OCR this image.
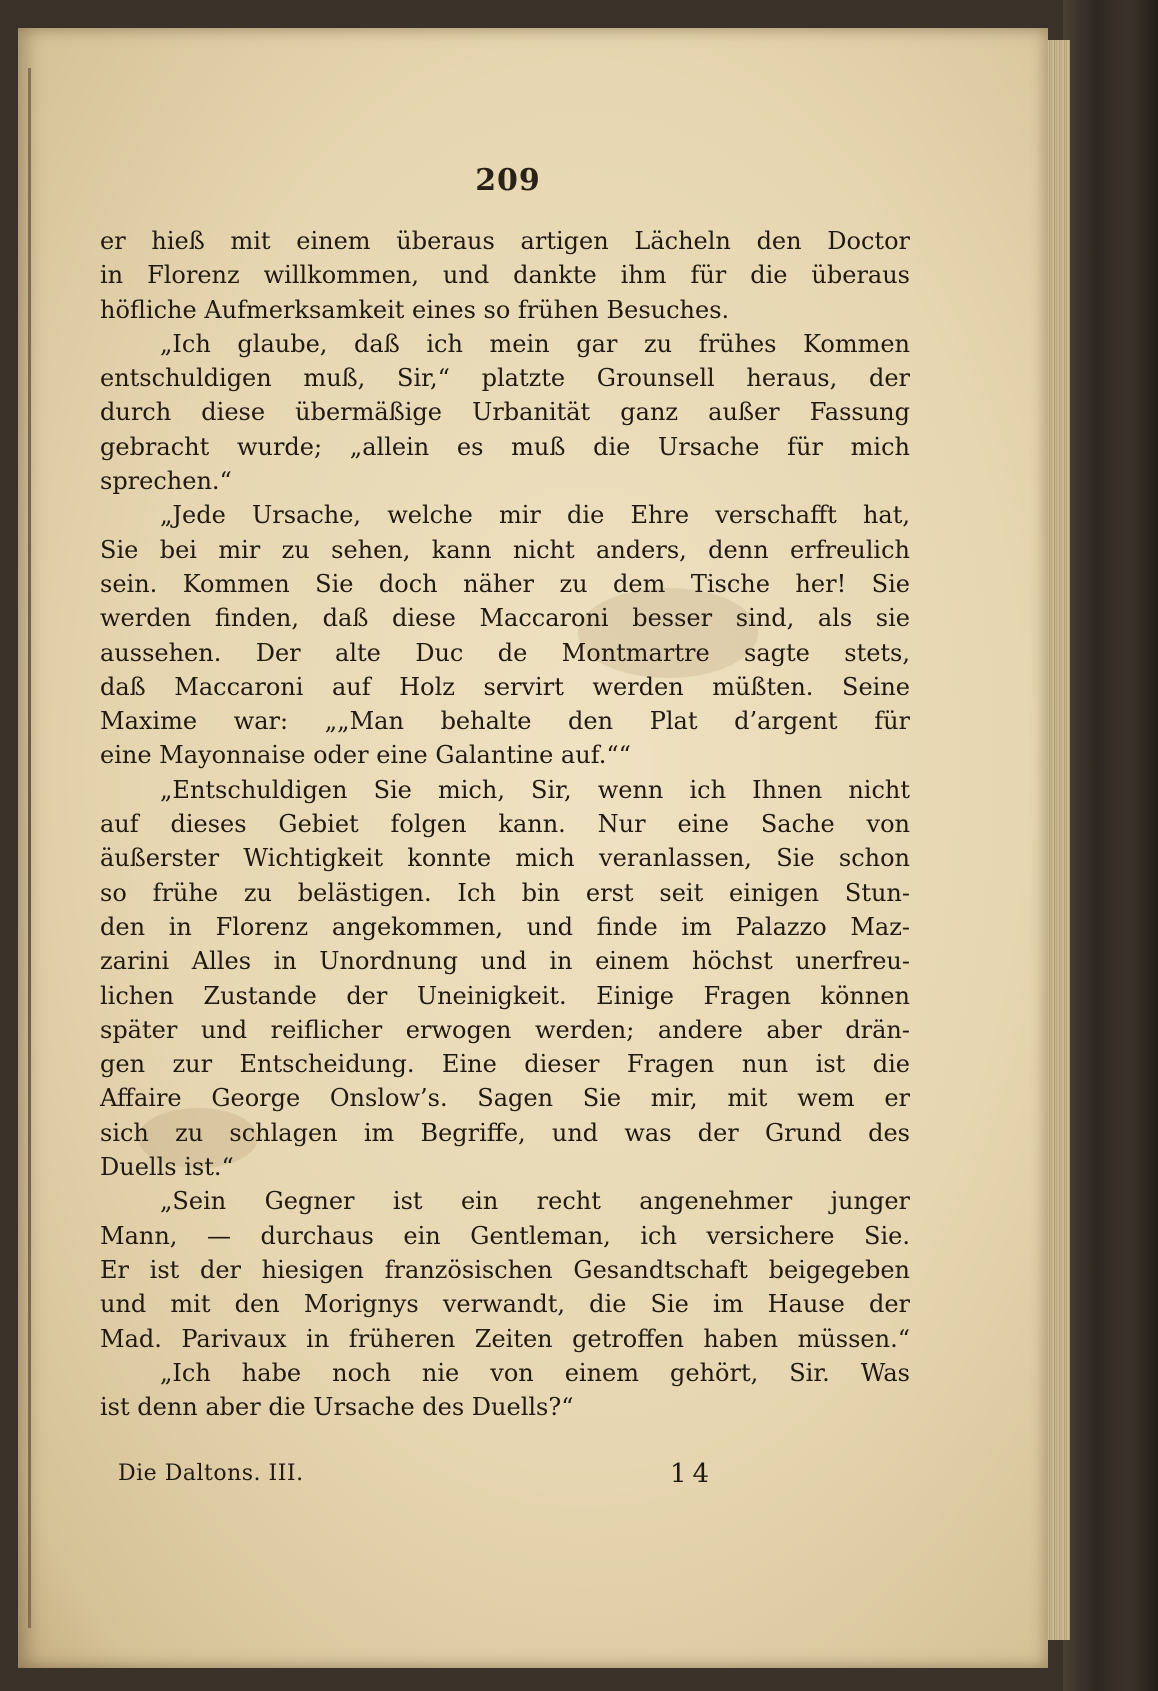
209
er hieß mit einem überaus artigen Lächeln den Doctor
in Florenz willkommen, und dankte ihm für die überaus
höfliche Aufmerksamkeit eines so frühen Besuches.
„Ich glaube, daß ich mein gar zu frühes Kommen
entschuldigen muß, Sir,“ platzte Grounsell heraus, der
durch diese übermäßige Urbanität ganz außer Fassung
gebracht wurde; „allein es muß die Ursache für mich
sprechen.“
„Jede Ursache, welche mir die Ehre verschafft hat,
Sie bei mir zu sehen, kann nicht anders, denn erfreulich
sein. Kommen Sie doch näher zu dem Tische her! Sie
werden finden, daß diese Maccaroni besser sind, als sie
aussehen. Der alte Duc de Montmartre sagte stets,
daß Maccaroni auf Holz servirt werden müßten. Seine
Maxime war: „„Man behalte den Plat d’argent für
eine Mayonnaise oder eine Galantine auf.““
„Entschuldigen Sie mich, Sir, wenn ich Ihnen nicht
auf dieses Gebiet folgen kann. Nur eine Sache von
äußerster Wichtigkeit konnte mich veranlassen, Sie schon
so frühe zu belästigen. Ich bin erst seit einigen Stun-
den in Florenz angekommen, und finde im Palazzo Maz-
zarini Alles in Unordnung und in einem höchst unerfreu-
lichen Zustande der Uneinigkeit. Einige Fragen können
später und reiflicher erwogen werden; andere aber drän-
gen zur Entscheidung. Eine dieser Fragen nun ist die
Affaire George Onslow’s. Sagen Sie mir, mit wem er
sich zu schlagen im Begriffe, und was der Grund des
Duells ist.“
„Sein Gegner ist ein recht angenehmer junger
Mann, — durchaus ein Gentleman, ich versichere Sie.
Er ist der hiesigen französischen Gesandtschaft beigegeben
und mit den Morignys verwandt, die Sie im Hause der
Mad. Parivaux in früheren Zeiten getroffen haben müssen.“
„Ich habe noch nie von einem gehört, Sir. Was
ist denn aber die Ursache des Duells?“
Die Daltons. III.	14
